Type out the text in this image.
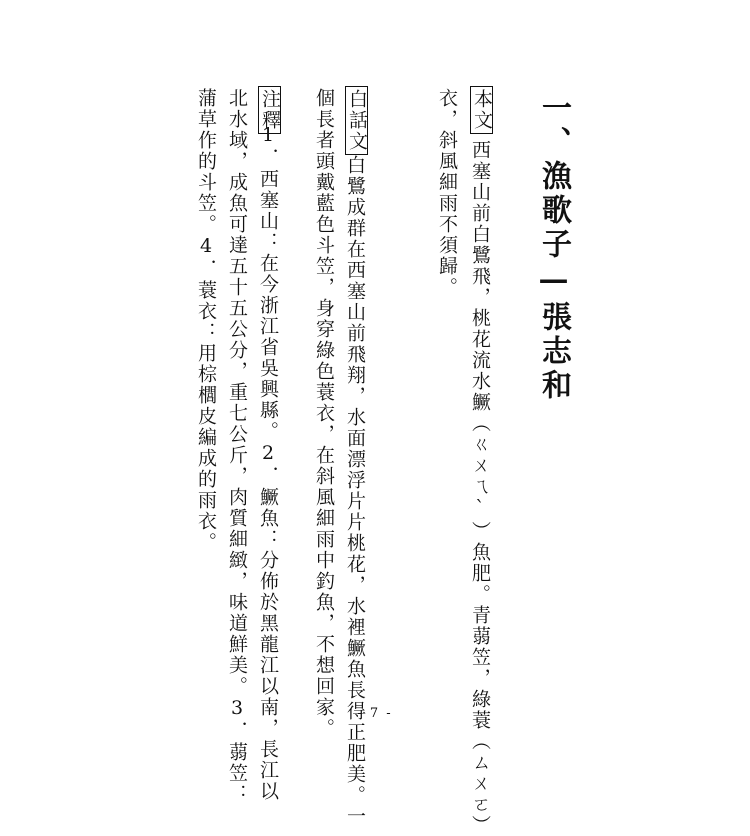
一、漁歌子—張志和
本文
西塞山前白鷺飛，桃花流水鱖（ㄍㄨㄟˋ）魚肥。青蒻笠，綠蓑（ㄙㄨㄛ）
衣，斜風細雨不須歸。
白話文
白鷺成群在西塞山前飛翔，水面漂浮片片桃花，水裡鱖魚長得正肥美。一
個長者頭戴藍色斗笠，身穿綠色蓑衣，在斜風細雨中釣魚，不想回家。
注釋
1．西塞山：在今浙江省吳興縣。2．鱖魚：分佈於黑龍江以南，長江以
北水域，成魚可達五十五公分，重七公斤，肉質細緻，味道鮮美。3．蒻笠：
蒲草作的斗笠。4．蓑衣：用棕櫚皮編成的雨衣。
- 7 -
